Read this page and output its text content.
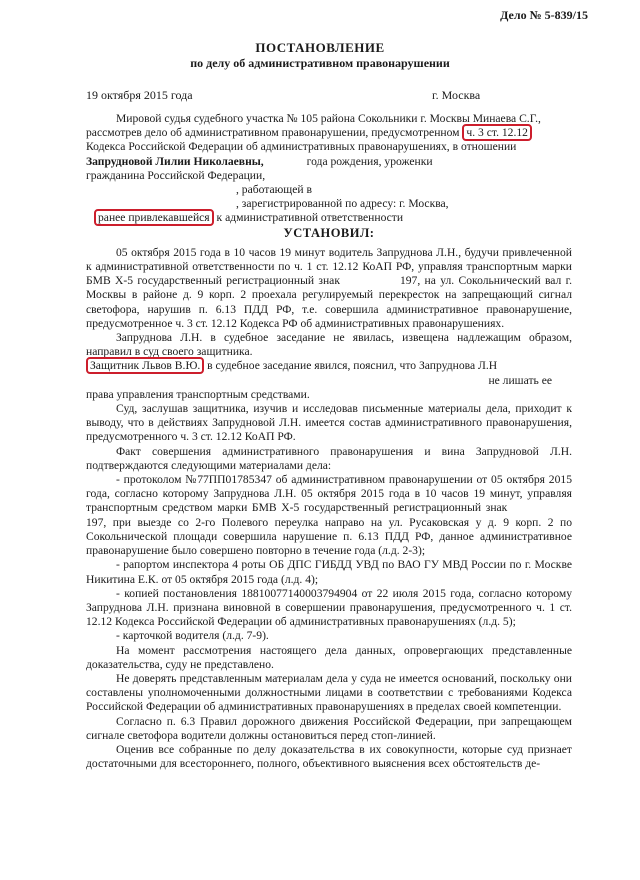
Дело № 5-839/15
ПОСТАНОВЛЕНИЕ
по делу об административном правонарушении
19 октября 2015 года	г. Москва

Мировой судья судебного участка № 105 района Сокольники г. Москвы Минаева С.Г.,

рассмотрев дело об административном правонарушении, предусмотренном ч. 3 ст. 12.12

Кодекса Российской Федерации об административных правонарушениях, в отношении

Запрудновой Лилии Николаевны,	года рождения, уроженки

гражданина Российской Федерации,

, работающей в

, зарегистрированной по адресу: г. Москва,

ранее привлекавшейся к административной ответственности

УСТАНОВИЛ:

05 октября 2015 года в 10 часов 19 минут водитель Запруднова Л.Н., будучи привлеченной к административной ответственности по ч. 1 ст. 12.12 КоАП РФ, управляя транспортным марки БМВ Х-5 государственный регистрационный знак	197, на ул. Сокольнический вал г. Москвы в районе д. 9 корп. 2 проехала регулируемый перекресток на запрещающий сигнал светофора, нарушив п. 6.13 ПДД РФ, т.е. совершила административное правонарушение, предусмотренное ч. 3 ст. 12.12 Кодекса РФ об административных правонарушениях.

Запруднова Л.Н. в судебное заседание не явилась, извещена надлежащим образом, направил в суд своего защитника.

Защитник Львов В.Ю. в судебное заседание явился, пояснил, что Запруднова Л.Н

не лишать ее

права управления транспортным средствами.

Суд, заслушав защитника, изучив и исследовав письменные материалы дела, приходит к выводу, что в действиях Запрудновой Л.Н. имеется состав административного правонарушения, предусмотренного ч. 3 ст. 12.12 КоАП РФ.

Факт совершения административного правонарушения и вина Запрудновой Л.Н. подтверждаются следующими материалами дела:

- протоколом №77ПП01785347 об административном правонарушении от 05 октября 2015 года, согласно которому Запруднова Л.Н. 05 октября 2015 года в 10 часов 19 минут, управляя транспортным средством марки БМВ Х-5 государственный регистрационный знак 197, при выезде со 2-го Полевого переулка направо на ул. Русаковская у д. 9 корп. 2 по Сокольнической площади совершила нарушение п. 6.13 ПДД РФ, данное административное правонарушение было совершено повторно в течение года (л.д. 2-3);

- рапортом инспектора 4 роты ОБ ДПС ГИБДД УВД по ВАО ГУ МВД России по г. Москве Никитина Е.К. от 05 октября 2015 года (л.д. 4);

- копией постановления 18810077140003794904 от 22 июля 2015 года, согласно которому Запруднова Л.Н. признана виновной в совершении правонарушения, предусмотренного ч. 1 ст. 12.12 Кодекса Российской Федерации об административных правонарушениях (л.д. 5);

- карточкой водителя (л.д. 7-9).

На момент рассмотрения настоящего дела данных, опровергающих представленные доказательства, суду не представлено.

Не доверять представленным материалам дела у суда не имеется оснований, поскольку они составлены уполномоченными должностными лицами в соответствии с требованиями Кодекса Российской Федерации об административных правонарушениях в пределах своей компетенции.

Согласно п. 6.3 Правил дорожного движения Российской Федерации, при запрещающем сигнале светофора водители должны остановиться перед стоп-линией.

Оценив все собранные по делу доказательства в их совокупности, которые суд признает достаточными для всестороннего, полного, объективного выяснения всех обстоятельств де-
